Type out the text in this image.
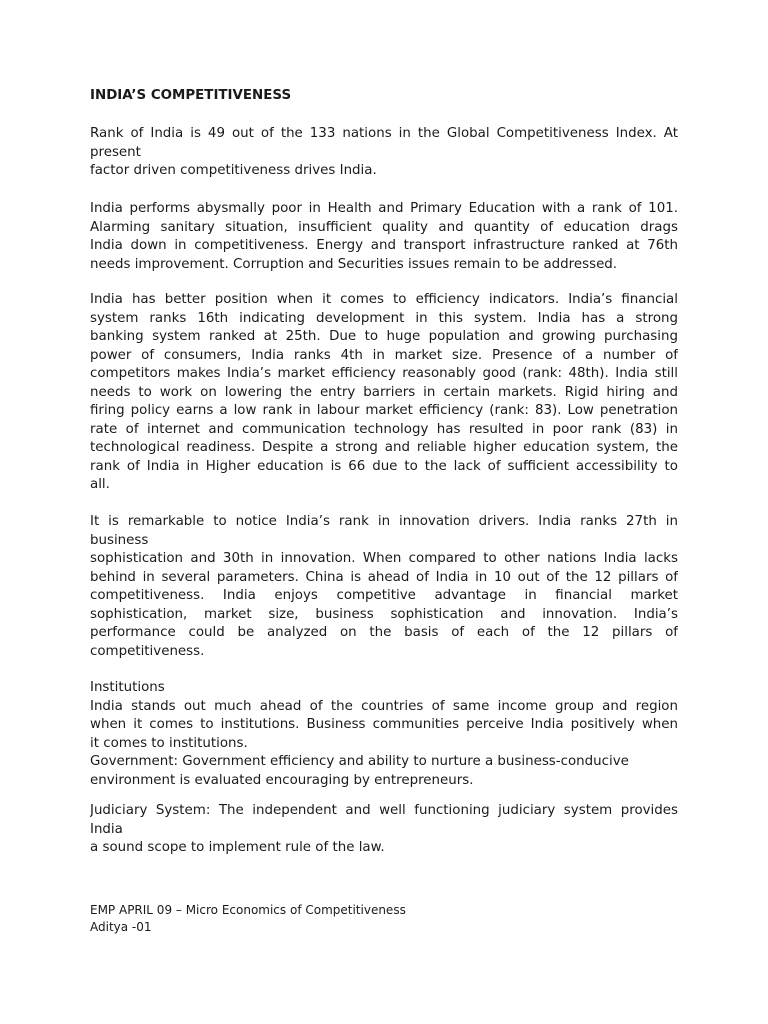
INDIA’S COMPETITIVENESS
Rank of India is 49 out of the 133 nations in the Global Competitiveness Index. At
present
factor driven competitiveness drives India.
India performs abysmally poor in Health and Primary Education with a rank of 101.
Alarming sanitary situation, insufficient quality and quantity of education drags
India down in competitiveness. Energy and transport infrastructure ranked at 76th
needs improvement. Corruption and Securities issues remain to be addressed.
India has better position when it comes to efficiency indicators. India’s financial
system ranks 16th indicating development in this system. India has a strong
banking system ranked at 25th. Due to huge population and growing purchasing
power of consumers, India ranks 4th in market size. Presence of a number of
competitors makes India’s market efficiency reasonably good (rank: 48th). India still
needs to work on lowering the entry barriers in certain markets. Rigid hiring and
firing policy earns a low rank in labour market efficiency (rank: 83). Low penetration
rate of internet and communication technology has resulted in poor rank (83) in
technological readiness. Despite a strong and reliable higher education system, the
rank of India in Higher education is 66 due to the lack of sufficient accessibility to
all.
It is remarkable to notice India’s rank in innovation drivers. India ranks 27th in
business
sophistication and 30th in innovation. When compared to other nations India lacks
behind in several parameters. China is ahead of India in 10 out of the 12 pillars of
competitiveness. India enjoys competitive advantage in financial market
sophistication, market size, business sophistication and innovation. India’s
performance could be analyzed on the basis of each of the 12 pillars of
competitiveness.
Institutions
India stands out much ahead of the countries of same income group and region
when it comes to institutions. Business communities perceive India positively when
it comes to institutions.
Government: Government efficiency and ability to nurture a business-conducive
environment is evaluated encouraging by entrepreneurs.
Judiciary System: The independent and well functioning judiciary system provides
India
a sound scope to implement rule of the law.
EMP APRIL 09 – Micro Economics of Competitiveness
Aditya -01
